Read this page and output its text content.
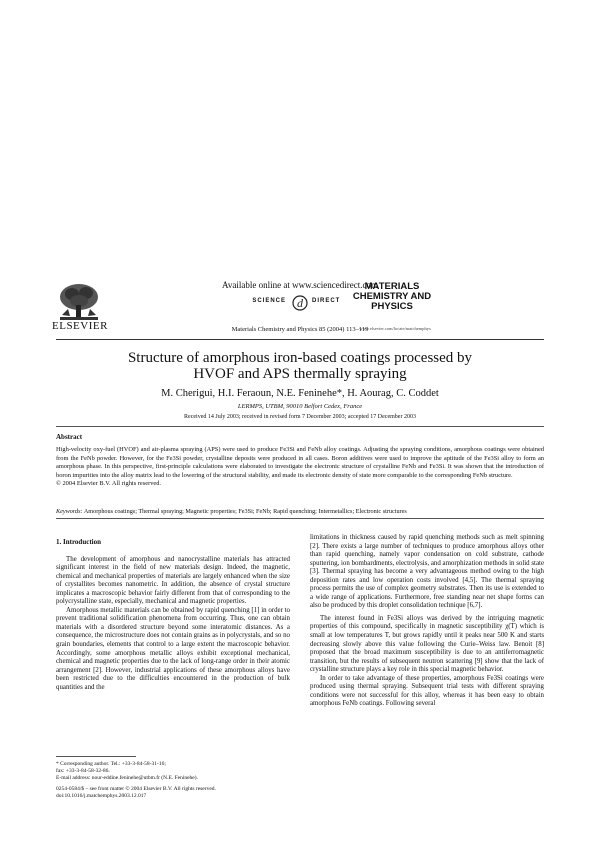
ELSEVIER
Available online at www.sciencedirect.com
SCIENCE d DIRECT
Materials Chemistry and Physics 85 (2004) 113–119
MATERIALS
CHEMISTRY AND
PHYSICS
www.elsevier.com/locate/matchemphys
Structure of amorphous iron-based coatings processed by
HVOF and APS thermally spraying
M. Cherigui, H.I. Feraoun, N.E. Feninehe*, H. Aourag, C. Coddet
LERMPS, UTBM, 90010 Belfort Cedex, France
Received 14 July 2003; received in revised form 7 December 2003; accepted 17 December 2003
Abstract

High-velocity oxy-fuel (HVOF) and air-plasma spraying (APS) were used to produce Fe3Si and FeNb alloy coatings. Adjusting the spraying conditions, amorphous coatings were obtained from the FeNb powder. However, for the Fe3Si powder, crystalline deposits were produced in all cases. Boron additives were used to improve the aptitude of the Fe3Si alloy to form an amorphous phase. In this perspective, first-principle calculations were elaborated to investigate the electronic structure of crystalline FeNb and Fe3Si. It was shown that the introduction of boron impurities into the alloy matrix lead to the lowering of the structural stability, and made its electronic density of state more comparable to the corresponding FeNb structure.

© 2004 Elsevier B.V. All rights reserved.

Keywords: Amorphous coatings; Thermal spraying; Magnetic properties; Fe3Si; FeNb; Rapid quenching; Intermetallics; Electronic structures

1. Introduction

The development of amorphous and nanocrystalline materials has attracted significant interest in the field of new materials design. Indeed, the magnetic, chemical and mechanical properties of materials are largely enhanced when the size of crystallites becomes nanometric. In addition, the absence of crystal structure implicates a macroscopic behavior fairly different from that of corresponding to the polycrystalline state, especially, mechanical and magnetic properties.

Amorphous metallic materials can be obtained by rapid quenching [1] in order to prevent traditional solidification phenomena from occurring. Thus, one can obtain materials with a disordered structure beyond some interatomic distances. As a consequence, the microstructure does not contain grains as in polycrystals, and so no grain boundaries, elements that control to a large extent the macroscopic behavior. Accordingly, some amorphous metallic alloys exhibit exceptional mechanical, chemical and magnetic properties due to the lack of long-range order in their atomic arrangement [2]. However, industrial applications of these amorphous alloys have been restricted due to the difficulties encountered in the production of bulk quantities and the

limitations in thickness caused by rapid quenching methods such as melt spinning [2]. There exists a large number of techniques to produce amorphous alloys other than rapid quenching, namely vapor condensation on cold substrate, cathode sputtering, ion bombardments, electrolysis, and amorphization methods in solid state [3]. Thermal spraying has become a very advantageous method owing to the high deposition rates and low operation costs involved [4,5]. The thermal spraying process permits the use of complex geometry substrates. Then its use is extended to a wide range of applications. Furthermore, free standing near net shape forms can also be produced by this droplet consolidation technique [6,7].

The interest found in Fe3Si alloys was derived by the intriguing magnetic properties of this compound, specifically in magnetic susceptibility χ(T) which is small at low temperatures T, but grows rapidly until it peaks near 500 K and starts decreasing slowly above this value following the Curie–Weiss law. Benoit [8] proposed that the broad maximum susceptibility is due to an antiferromagnetic transition, but the results of subsequent neutron scattering [9] show that the lack of crystalline structure plays a key role in this special magnetic behavior.

In order to take advantage of these properties, amorphous Fe3Si coatings were produced using thermal spraying. Subsequent trial tests with different spraying conditions were not successful for this alloy, whereas it has been easy to obtain amorphous FeNb coatings. Following several

* Corresponding author. Tel.: +33-3-84-58-31-16;
fax: +33-3-84-58-32-86.
E-mail address: nour-eddine.feninehe@utbm.fr (N.E. Feninehe).
0254-0584/$ – see front matter © 2004 Elsevier B.V. All rights reserved.
doi:10.1016/j.matchemphys.2003.12.017
